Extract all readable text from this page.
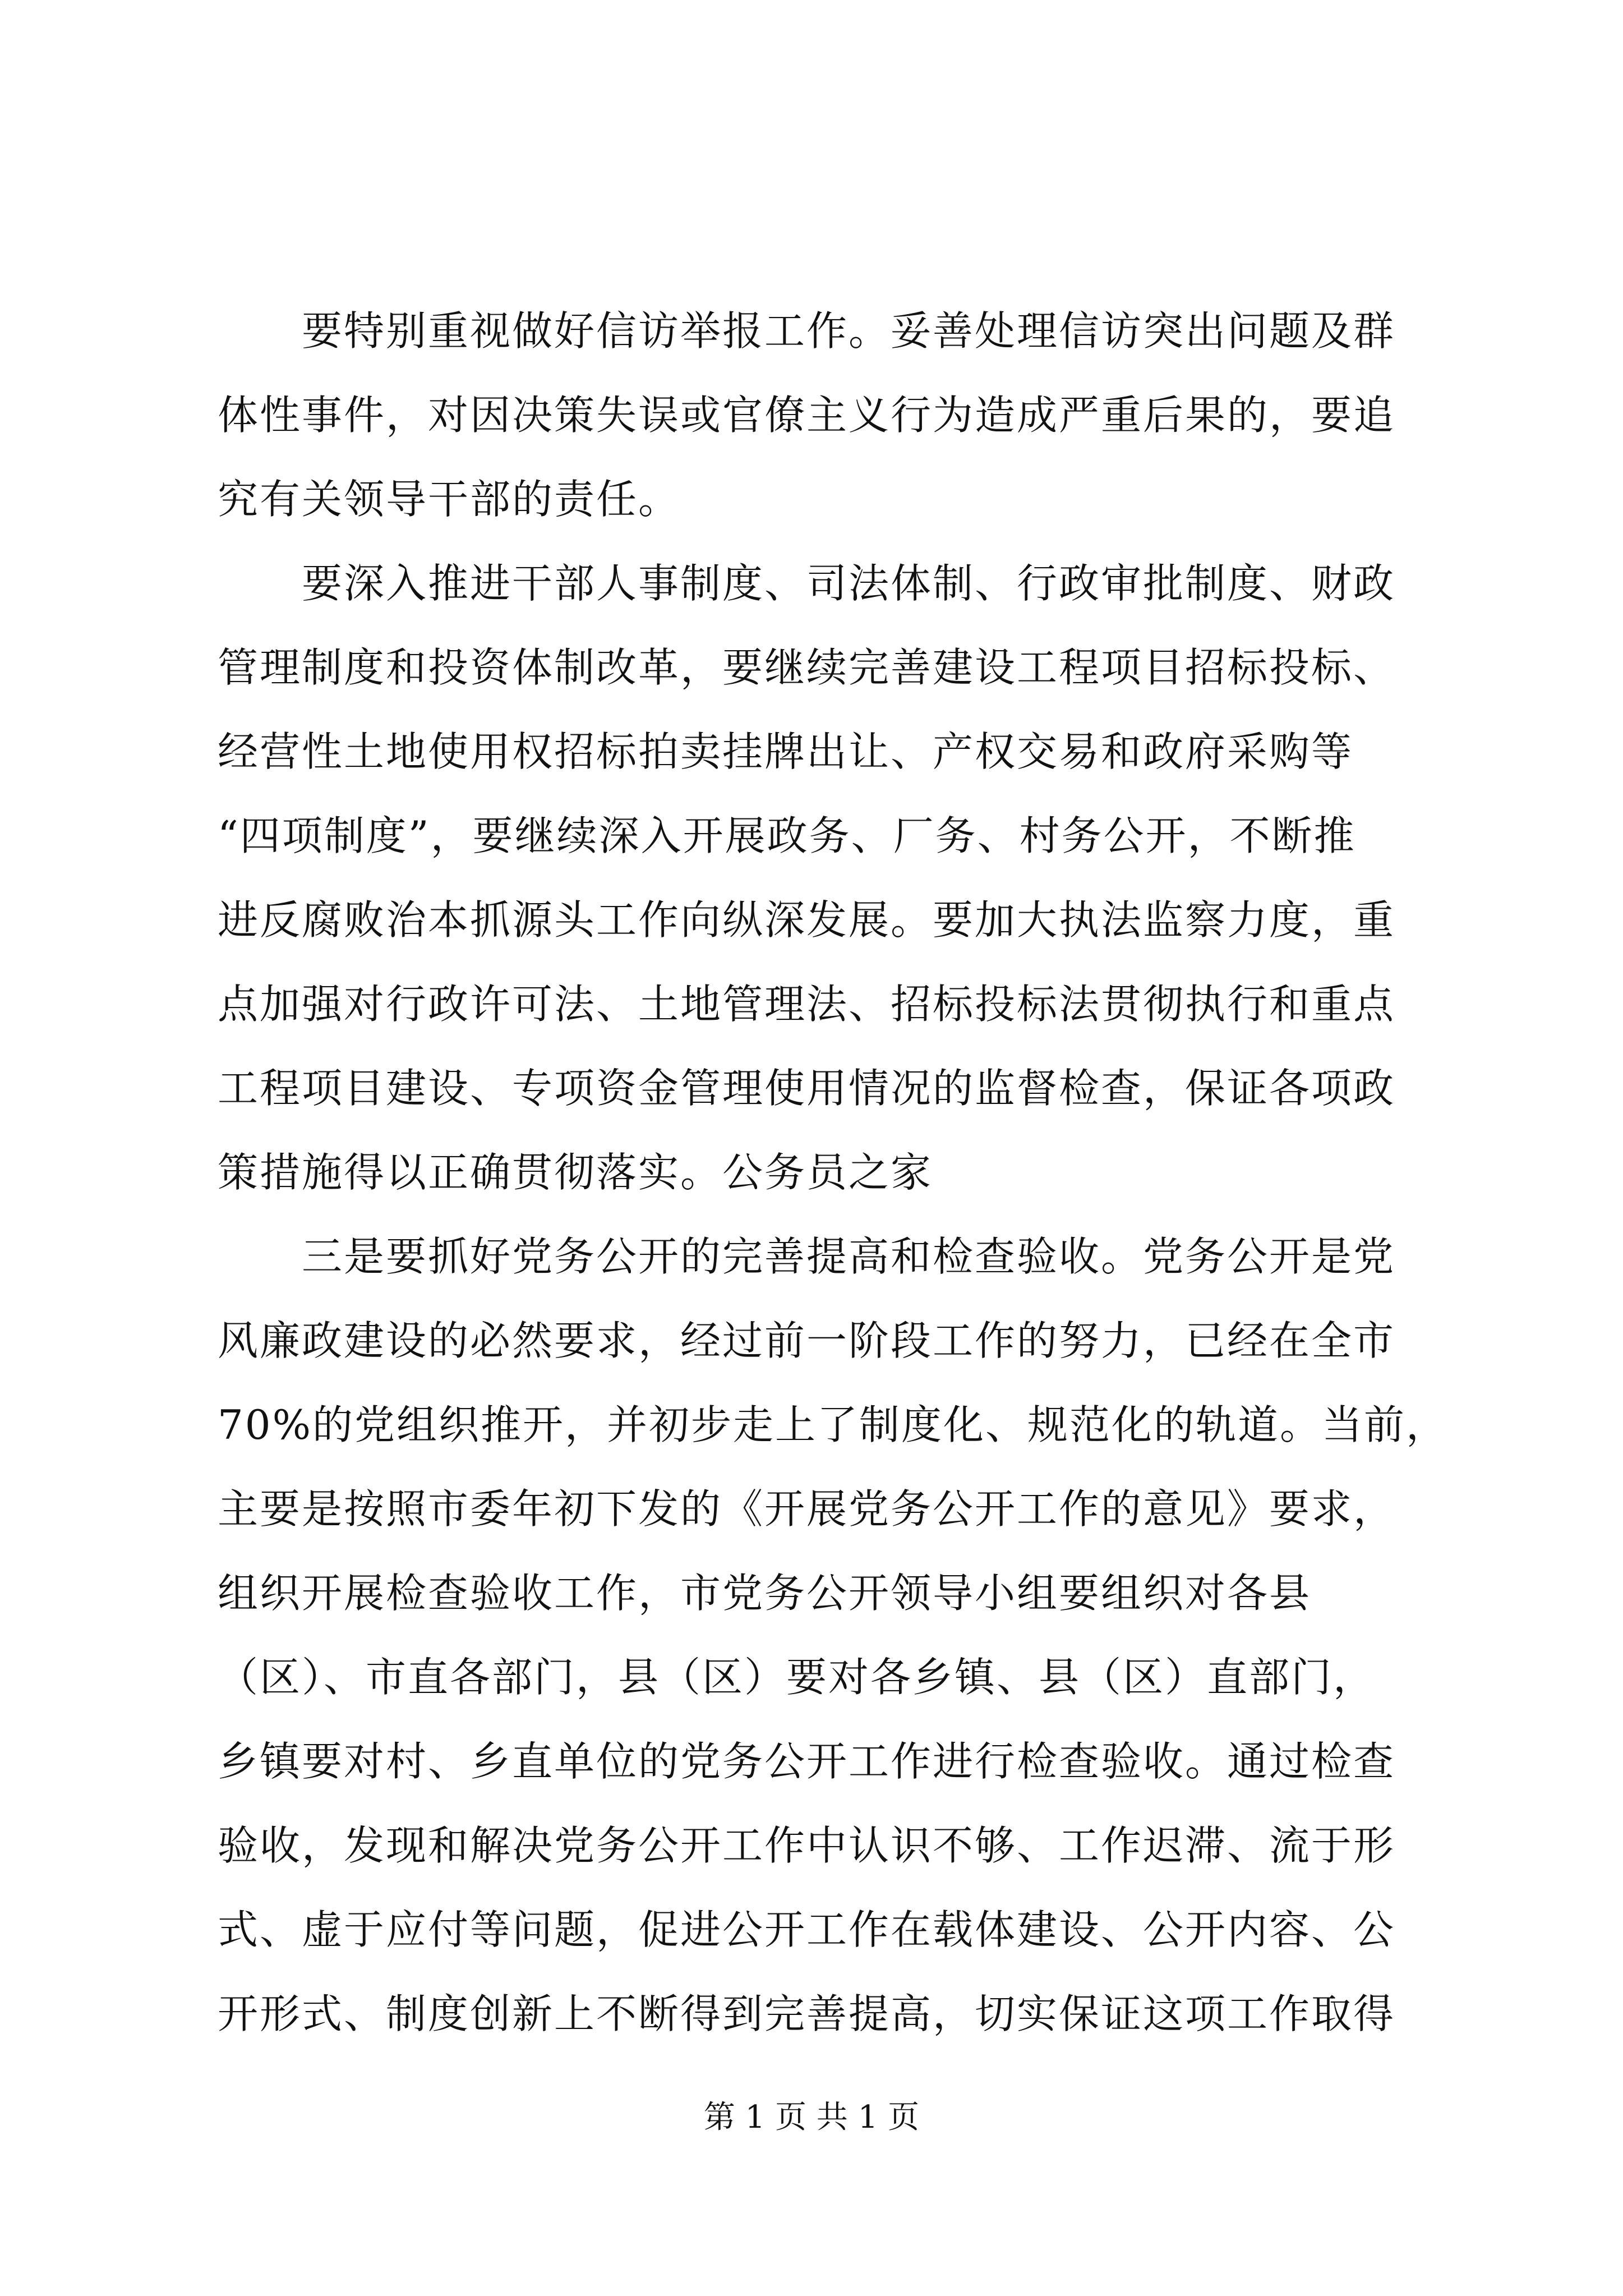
　　要特别重视做好信访举报工作。妥善处理信访突出问题及群
体性事件，对因决策失误或官僚主义行为造成严重后果的，要追
究有关领导干部的责任。
　　要深入推进干部人事制度、司法体制、行政审批制度、财政
管理制度和投资体制改革，要继续完善建设工程项目招标投标、
经营性土地使用权招标拍卖挂牌出让、产权交易和政府采购等
“四项制度”，要继续深入开展政务、厂务、村务公开，不断推
进反腐败治本抓源头工作向纵深发展。要加大执法监察力度，重
点加强对行政许可法、土地管理法、招标投标法贯彻执行和重点
工程项目建设、专项资金管理使用情况的监督检查，保证各项政
策措施得以正确贯彻落实。公务员之家
　　三是要抓好党务公开的完善提高和检查验收。党务公开是党
风廉政建设的必然要求，经过前一阶段工作的努力，已经在全市
70%的党组织推开，并初步走上了制度化、规范化的轨道。当前，
主要是按照市委年初下发的《开展党务公开工作的意见》要求，
组织开展检查验收工作，市党务公开领导小组要组织对各县
（区）、市直各部门，县（区）要对各乡镇、县（区）直部门，
乡镇要对村、乡直单位的党务公开工作进行检查验收。通过检查
验收，发现和解决党务公开工作中认识不够、工作迟滞、流于形
式、虚于应付等问题，促进公开工作在载体建设、公开内容、公
开形式、制度创新上不断得到完善提高，切实保证这项工作取得
第 1 页 共 1 页
